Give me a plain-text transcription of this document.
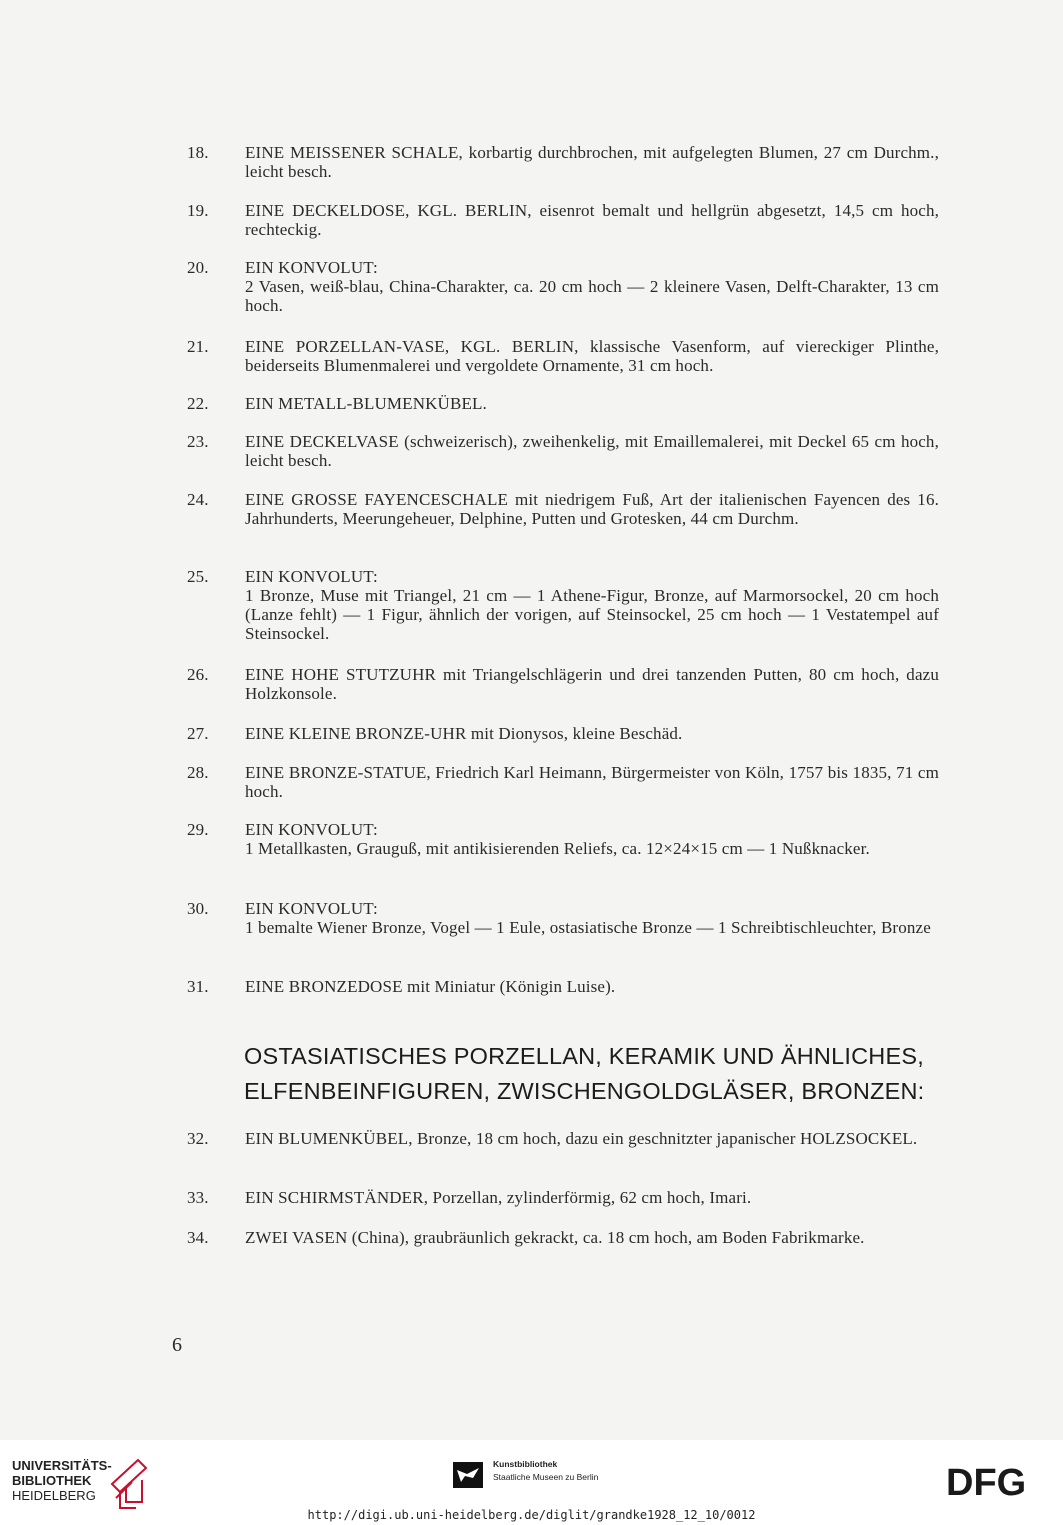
18.	EINE MEISSENER SCHALE, korbartig durchbrochen, mit aufgelegten Blumen, 27 cm Durchm., leicht besch.
19.	EINE DECKELDOSE, KGL. BERLIN, eisenrot bemalt und hellgrün abgesetzt, 14,5 cm hoch, rechteckig.
20.	EIN KONVOLUT:
2 Vasen, weiß-blau, China-Charakter, ca. 20 cm hoch — 2 kleinere Vasen, Delft-Charakter, 13 cm hoch.
21.	EINE PORZELLAN-VASE, KGL. BERLIN, klassische Vasenform, auf viereckiger Plinthe, beiderseits Blumenmalerei und vergoldete Ornamente, 31 cm hoch.
22.	EIN METALL-BLUMENKÜBEL.
23.	EINE DECKELVASE (schweizerisch), zweihenkelig, mit Emaillemalerei, mit Deckel 65 cm hoch, leicht besch.
24.	EINE GROSSE FAYENCESCHALE mit niedrigem Fuß, Art der italienischen Fayencen des 16. Jahrhunderts, Meerungeheuer, Delphine, Putten und Grotesken, 44 cm Durchm.
25.	EIN KONVOLUT:
1 Bronze, Muse mit Triangel, 21 cm — 1 Athene-Figur, Bronze, auf Marmorsockel, 20 cm hoch (Lanze fehlt) — 1 Figur, ähnlich der vorigen, auf Steinsockel, 25 cm hoch — 1 Vestatempel auf Steinsockel.
26.	EINE HOHE STUTZUHR mit Triangelschlägerin und drei tanzenden Putten, 80 cm hoch, dazu Holzkonsole.
27.	EINE KLEINE BRONZE-UHR mit Dionysos, kleine Beschäd.
28.	EINE BRONZE-STATUE, Friedrich Karl Heimann, Bürgermeister von Köln, 1757 bis 1835, 71 cm hoch.
29.	EIN KONVOLUT:
1 Metallkasten, Grauguß, mit antikisierenden Reliefs, ca. 12×24×15 cm — 1 Nußknacker.
30.	EIN KONVOLUT:
1 bemalte Wiener Bronze, Vogel — 1 Eule, ostasiatische Bronze — 1 Schreibtischleuchter, Bronze
31.	EINE BRONZEDOSE mit Miniatur (Königin Luise).
OSTASIATISCHES PORZELLAN, KERAMIK UND ÄHNLICHES,
ELFENBEINFIGUREN, ZWISCHENGOLDGLÄSER, BRONZEN:
32.	EIN BLUMENKÜBEL, Bronze, 18 cm hoch, dazu ein geschnitzter japanischer HOLZSOCKEL.
33.	EIN SCHIRMSTÄNDER, Porzellan, zylinderförmig, 62 cm hoch, Imari.
34.	ZWEI VASEN (China), graubräunlich gekrackt, ca. 18 cm hoch, am Boden Fabrikmarke.
6
UNIVERSITÄTS-
BIBLIOTHEK
HEIDELBERG
Kunstbibliothek
Staatliche Museen zu Berlin	DFG
http://digi.ub.uni-heidelberg.de/diglit/grandke1928_12_10/0012
